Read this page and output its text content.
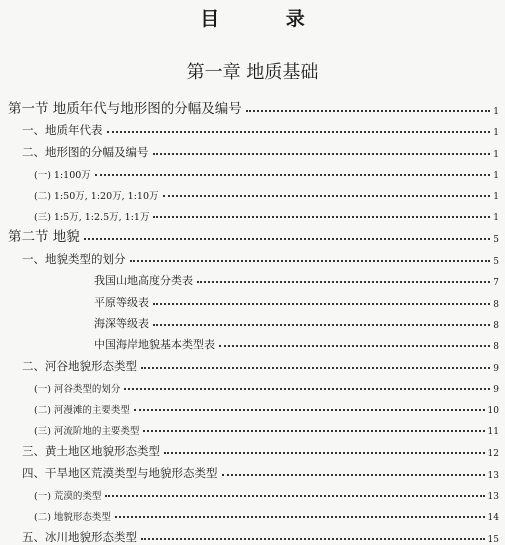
目 录
第一章 地质基础
第一节 地质年代与地形图的分幅及编号	1
一、地质年代表	1
二、地形图的分幅及编号	1
(一) 1:100万	1
(二) 1:50万, 1:20万, 1:10万	1
(三) 1:5万, 1:2.5万, 1:1万	1
第二节 地貌	5
一、地貌类型的划分	5
我国山地高度分类表	7
平原等级表	8
海深等级表	8
中国海岸地貌基本类型表	8
二、河谷地貌形态类型	9
(一) 河谷类型的划分	9
(二) 河漫滩的主要类型	10
(三) 河流阶地的主要类型	11
三、黄土地区地貌形态类型	12
四、干旱地区荒漠类型与地貌形态类型	13
(一) 荒漠的类型	13
(二) 地貌形态类型	14
五、冰川地貌形态类型	15
